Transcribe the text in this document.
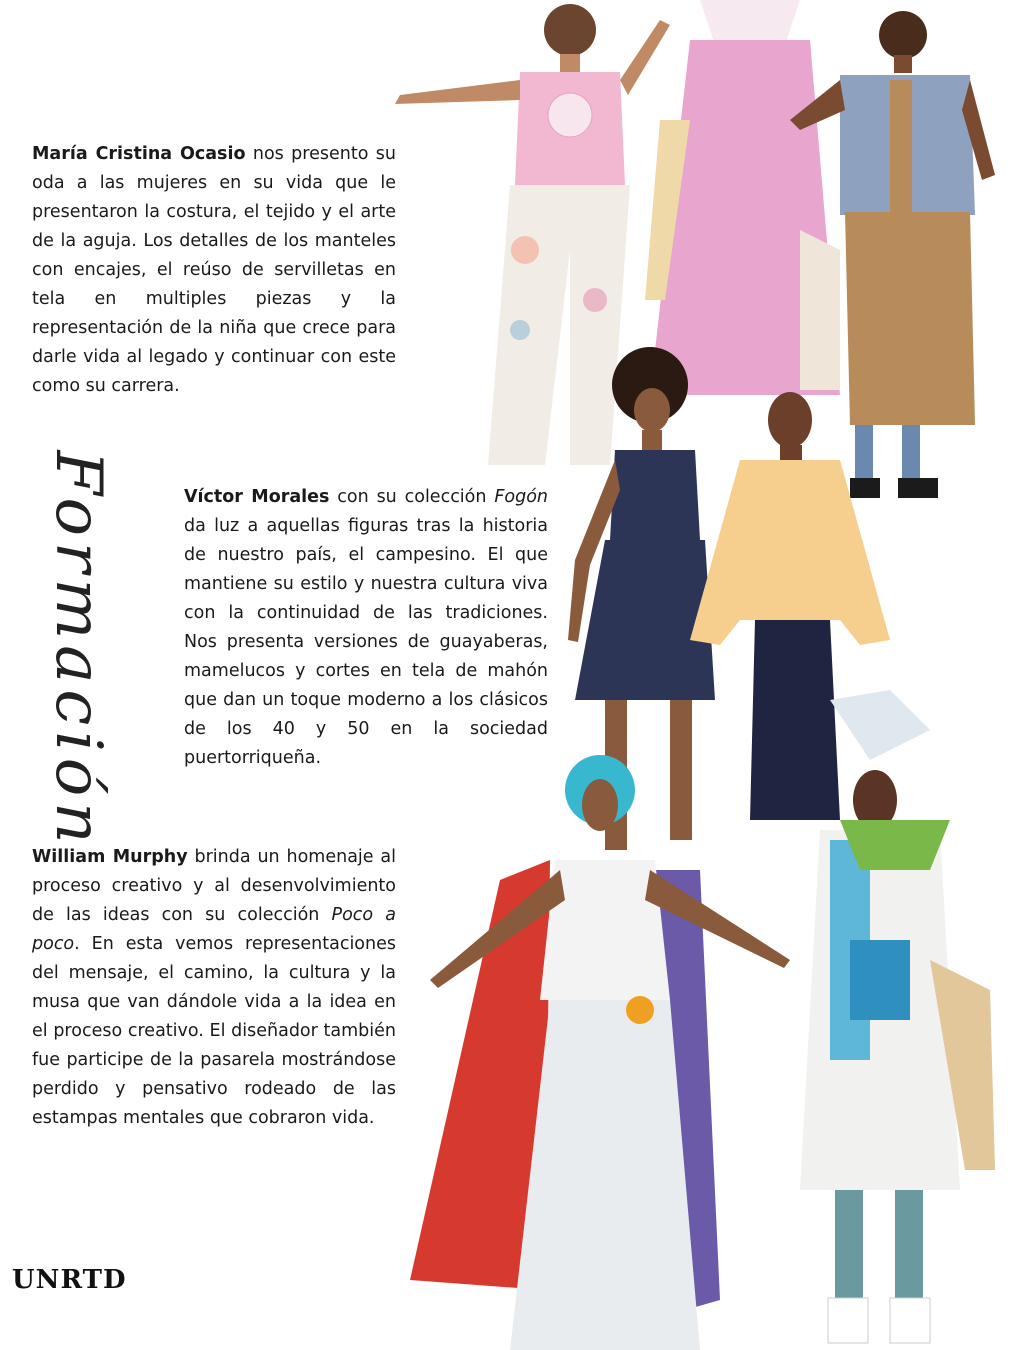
María Cristina Ocasio nos presento su oda a las mujeres en su vida que le presentaron la costura, el tejido y el arte de la aguja. Los detalles de los manteles con encajes, el reúso de servilletas en tela en multiples piezas y la representación de la niña que crece para darle vida al legado y continuar con este como su carrera.
Víctor Morales con su colección Fogón da luz a aquellas figuras tras la historia de nuestro país, el campesino. El que mantiene su estilo y nuestra cultura viva con la continuidad de las tradiciones. Nos presenta versiones de guayaberas, mamelucos y cortes en tela de mahón que dan un toque moderno a los clásicos de los 40 y 50 en la sociedad puertorriqueña.
William Murphy brinda un homenaje al proceso creativo y al desenvolvimiento de las ideas con su colección Poco a poco. En esta vemos representaciones del mensaje, el camino, la cultura y la musa que van dándole vida a la idea en el proceso creativo. El diseñador también fue participe de la pasarela mostrándose perdido y pensativo rodeado de las estampas mentales que cobraron vida.
Formación
UNRTD
